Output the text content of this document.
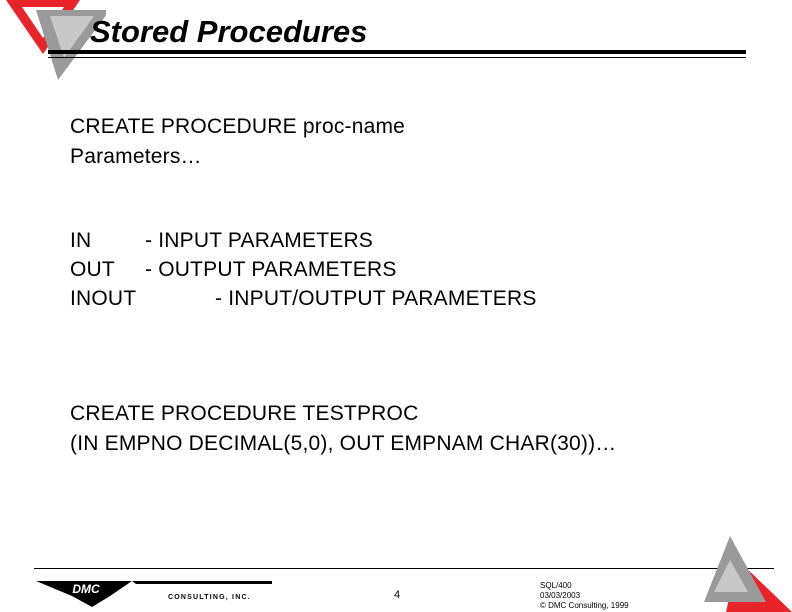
Stored Procedures
CREATE PROCEDURE proc-name
Parameters…
IN	- INPUT PARAMETERS
OUT - OUTPUT PARAMETERS
INOUT	- INPUT/OUTPUT PARAMETERS
CREATE PROCEDURE TESTPROC
(IN EMPNO DECIMAL(5,0), OUT EMPNAM CHAR(30))…
DMC
CONSULTING, INC.	4
SQL/400
03/03/2003
© DMC Consulting, 1999
